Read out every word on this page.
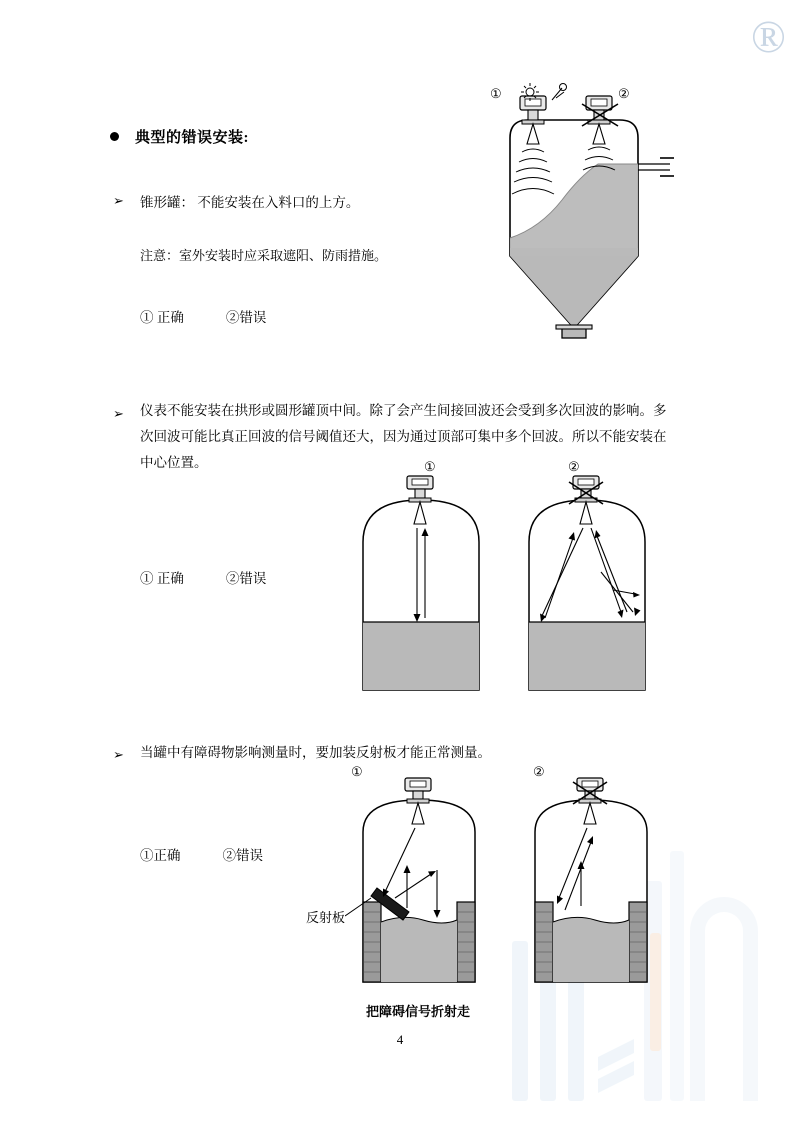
®
典型的错误安装:
➢ 锥形罐： 不能安装在入料口的上方。
注意：室外安装时应采取遮阳、防雨措施。
① 正确	②错误
①	②
➢ 仪表不能安装在拱形或圆形罐顶中间。除了会产生间接回波还会受到多次回波的影响。多
次回波可能比真正回波的信号阈值还大，因为通过顶部可集中多个回波。所以不能安装在
中心位置。
① 正确	②错误
①	②
➢ 当罐中有障碍物影响测量时，要加装反射板才能正常测量。
①正确	②错误
反射板
把障碍信号折射走
①	②
4
